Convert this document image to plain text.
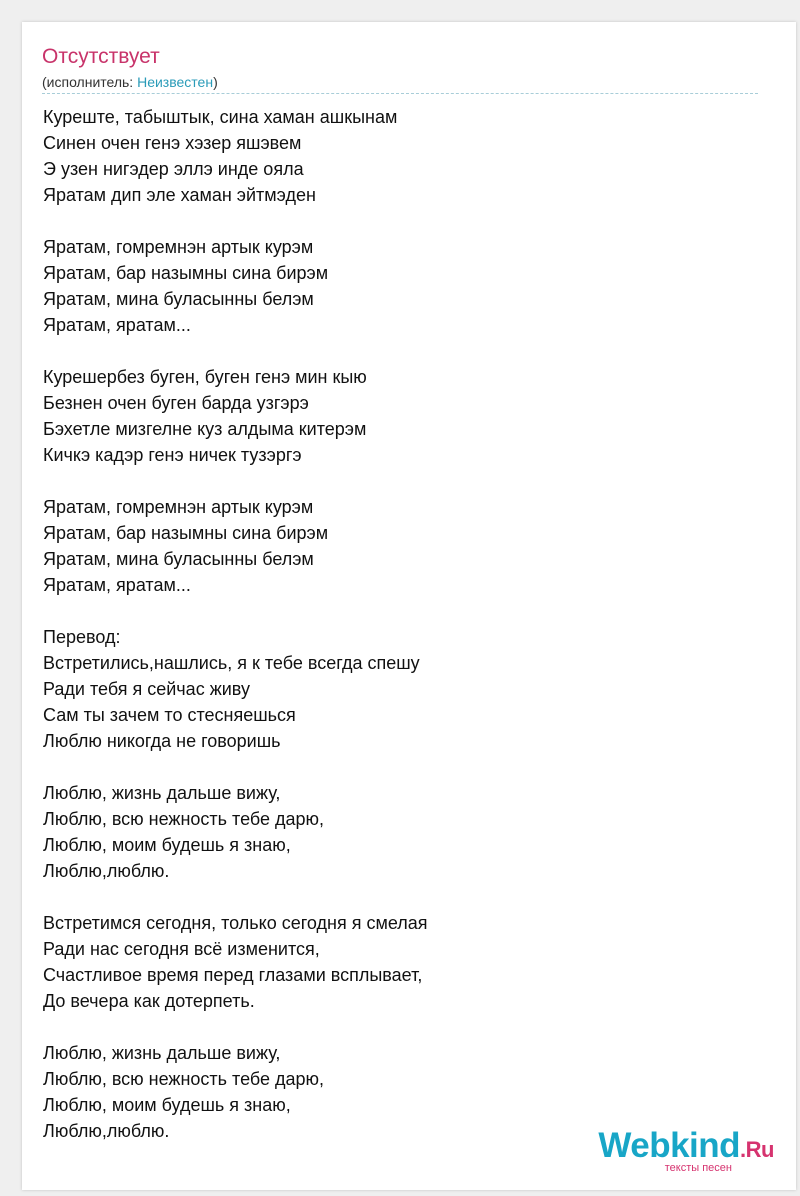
Отсутствует
(исполнитель: Неизвестен)
Куреште, табыштык, сина хаман ашкынам
Синен очен генэ хэзер яшэвем
Э узен нигэдер эллэ инде ояла
Яратам дип эле хаман эйтмэден
Яратам, гомремнэн артык курэм
Яратам, бар назымны сина бирэм
Яратам, мина буласынны белэм
Яратам, яратам...
Курешербез буген, буген генэ мин кыю
Безнен очен буген барда узгэрэ
Бэхетле мизгелне куз алдыма китерэм
Кичкэ кадэр генэ ничек тузэргэ
Яратам, гомремнэн артык курэм
Яратам, бар назымны сина бирэм
Яратам, мина буласынны белэм
Яратам, яратам...
Перевод:
Встретились,нашлись, я к тебе всегда спешу
Ради тебя я сейчас живу
Сам ты зачем то стесняешься
Люблю никогда не говоришь
Люблю, жизнь дальше вижу,
Люблю, всю нежность тебе дарю,
Люблю, моим будешь я знаю,
Люблю,люблю.
Встретимся сегодня, только сегодня я смелая
Ради нас сегодня всё изменится,
Счастливое время перед глазами всплывает,
До вечера как дотерпеть.
Люблю, жизнь дальше вижу,
Люблю, всю нежность тебе дарю,
Люблю, моим будешь я знаю,
Люблю,люблю.	Webkind.Ru
тексты песен
